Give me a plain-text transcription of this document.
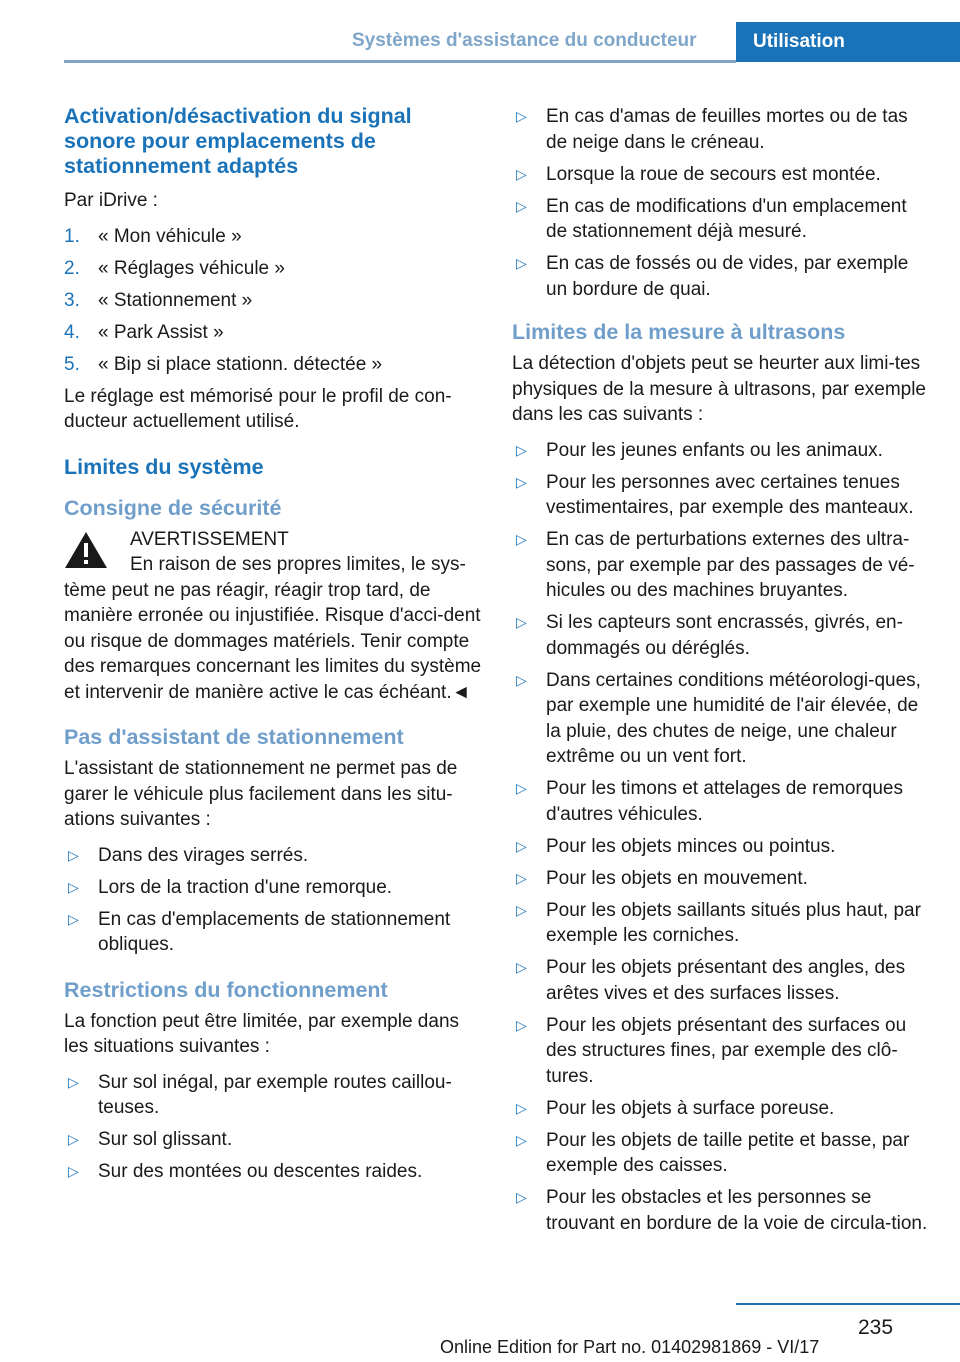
Systèmes d'assistance du conducteur	Utilisation
Activation/désactivation du signal sonore pour emplacements de stationnement adaptés
Par iDrive :
1. « Mon véhicule »
2. « Réglages véhicule »
3. « Stationnement »
4. « Park Assist »
5. « Bip si place stationn. détectée »
Le réglage est mémorisé pour le profil de conducteur actuellement utilisé.
Limites du système
Consigne de sécurité
AVERTISSEMENT
En raison de ses propres limites, le sys‐
tème peut ne pas réagir, réagir trop tard, de manière erronée ou injustifiée. Risque d'acci‐dent ou risque de dommages matériels. Tenir compte des remarques concernant les limites du système et intervenir de manière active le cas échéant.◄
Pas d'assistant de stationnement
L'assistant de stationnement ne permet pas de garer le véhicule plus facilement dans les situ‐ations suivantes :
▷ Dans des virages serrés.
▷ Lors de la traction d'une remorque.
▷ En cas d'emplacements de stationnement obliques.
Restrictions du fonctionnement
La fonction peut être limitée, par exemple dans les situations suivantes :
▷ Sur sol inégal, par exemple routes caillou‐teuses.
▷ Sur sol glissant.
▷ Sur des montées ou descentes raides.
▷ En cas d'amas de feuilles mortes ou de tas de neige dans le créneau.
▷ Lorsque la roue de secours est montée.
▷ En cas de modifications d'un emplacement de stationnement déjà mesuré.
▷ En cas de fossés ou de vides, par exemple un bordure de quai.
Limites de la mesure à ultrasons
La détection d'objets peut se heurter aux limi‐tes physiques de la mesure à ultrasons, par exemple dans les cas suivants :
▷ Pour les jeunes enfants ou les animaux.
▷ Pour les personnes avec certaines tenues vestimentaires, par exemple des manteaux.
▷ En cas de perturbations externes des ultra‐sons, par exemple par des passages de vé‐hicules ou des machines bruyantes.
▷ Si les capteurs sont encrassés, givrés, en‐dommagés ou déréglés.
▷ Dans certaines conditions météorologi‐ques, par exemple une humidité de l'air élevée, de la pluie, des chutes de neige, une chaleur extrême ou un vent fort.
▷ Pour les timons et attelages de remorques d'autres véhicules.
▷ Pour les objets minces ou pointus.
▷ Pour les objets en mouvement.
▷ Pour les objets saillants situés plus haut, par exemple les corniches.
▷ Pour les objets présentant des angles, des arêtes vives et des surfaces lisses.
▷ Pour les objets présentant des surfaces ou des structures fines, par exemple des clô‐tures.
▷ Pour les objets à surface poreuse.
▷ Pour les objets de taille petite et basse, par exemple des caisses.
▷ Pour les obstacles et les personnes se trouvant en bordure de la voie de circula‐tion.
235
Online Edition for Part no. 01402981869 - VI/17
